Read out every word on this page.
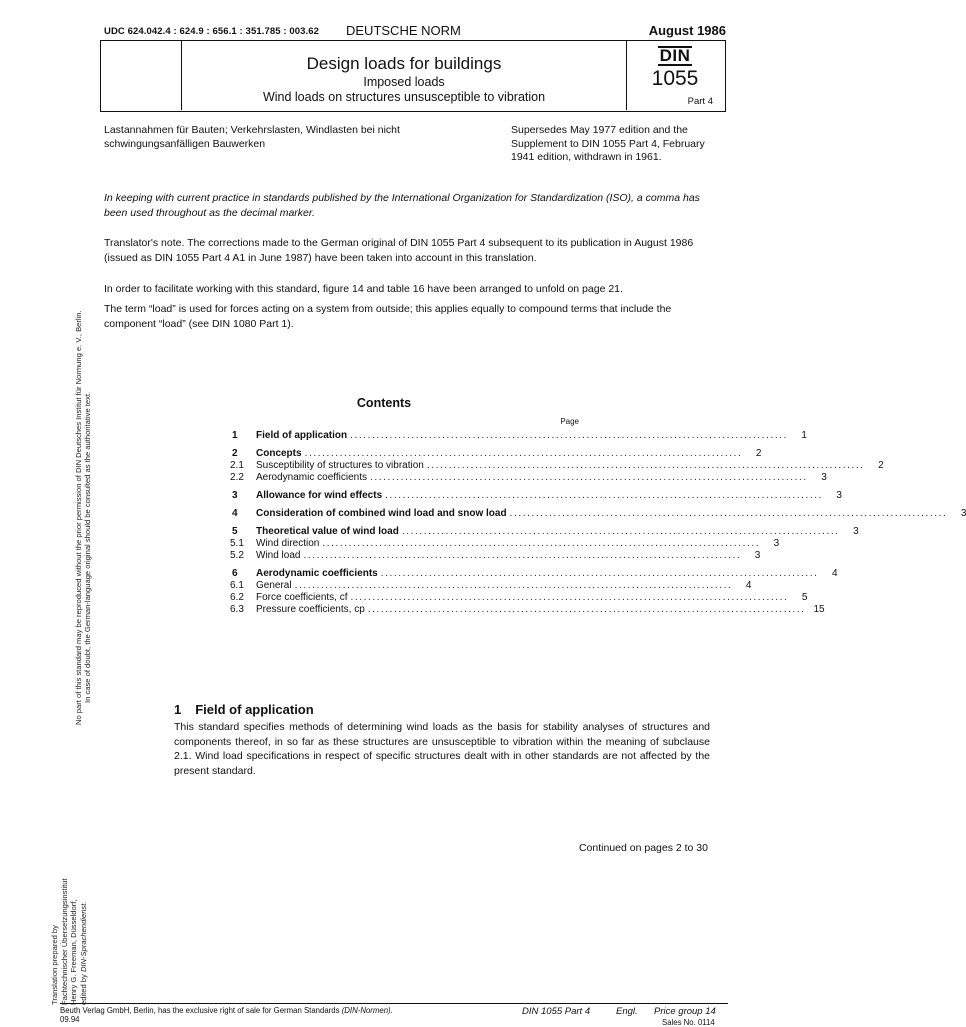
UDC 624.042.4 : 624.9 : 656.1 : 351.785 : 003.62 DEUTSCHE NORM	August 1986
Design loads for buildings
Imposed loads
Wind loads on structures unsusceptible to vibration
DIN
1055
Part 4
Lastannahmen für Bauten; Verkehrslasten, Windlasten bei nicht schwingungsanfälligen Bauwerken
Supersedes May 1977 edition and the Supplement to DIN 1055 Part 4, February 1941 edition, withdrawn in 1961.
In keeping with current practice in standards published by the International Organization for Standardization (ISO), a comma has been used throughout as the decimal marker.
Translator's note. The corrections made to the German original of DIN 1055 Part 4 subsequent to its publication in August 1986 (issued as DIN 1055 Part 4 A1 in June 1987) have been taken into account in this translation.
In order to facilitate working with this standard, figure 14 and table 16 have been arranged to unfold on page 21.
The term “load” is used for forces acting on a system from outside; this applies equally to compound terms that include the component “load” (see DIN 1080 Part 1).
Contents
Page
1	Field of application ....................................................................................................	1
2	Concepts ....................................................................................................	2
2.1	Susceptibility of structures to vibration ....................................................................................................	2
2.2	Aerodynamic coefficients ....................................................................................................	3
3	Allowance for wind effects ....................................................................................................	3
4	Consideration of combined wind load and snow load ....................................................................................................	3
5	Theoretical value of wind load ....................................................................................................	3
5.1	Wind direction ....................................................................................................	3
5.2	Wind load ....................................................................................................	3
6	Aerodynamic coefficients ....................................................................................................	4
6.1	General ....................................................................................................	4
6.2	Force coefficients, cf ....................................................................................................	5
6.3	Pressure coefficients, cp .................................................................................................... 15
1 Field of application
This standard specifies methods of determining wind loads as the basis for stability analyses of structures and components thereof, in so far as these structures are unsusceptible to vibration within the meaning of subclause 2.1. Wind load specifications in respect of specific structures dealt with in other standards are not affected by the present standard.
Continued on pages 2 to 30
No part of this standard may be reproduced without the prior permission of DIN Deutsches Institut für Normung e. V., Berlin. In case of doubt, the German-language original should be consulted as the authoritative text.
Translation prepared by Fachtechnischer Übersetzungsinstitut Henry G. Freeman, Düsseldorf, edited by DIN-Sprachendienst.
Beuth Verlag GmbH, Berlin, has the exclusive right of sale for German Standards (DIN-Normen).
09.94
DIN 1055 Part 4	Engl. Price group 14
Sales No. 0114
